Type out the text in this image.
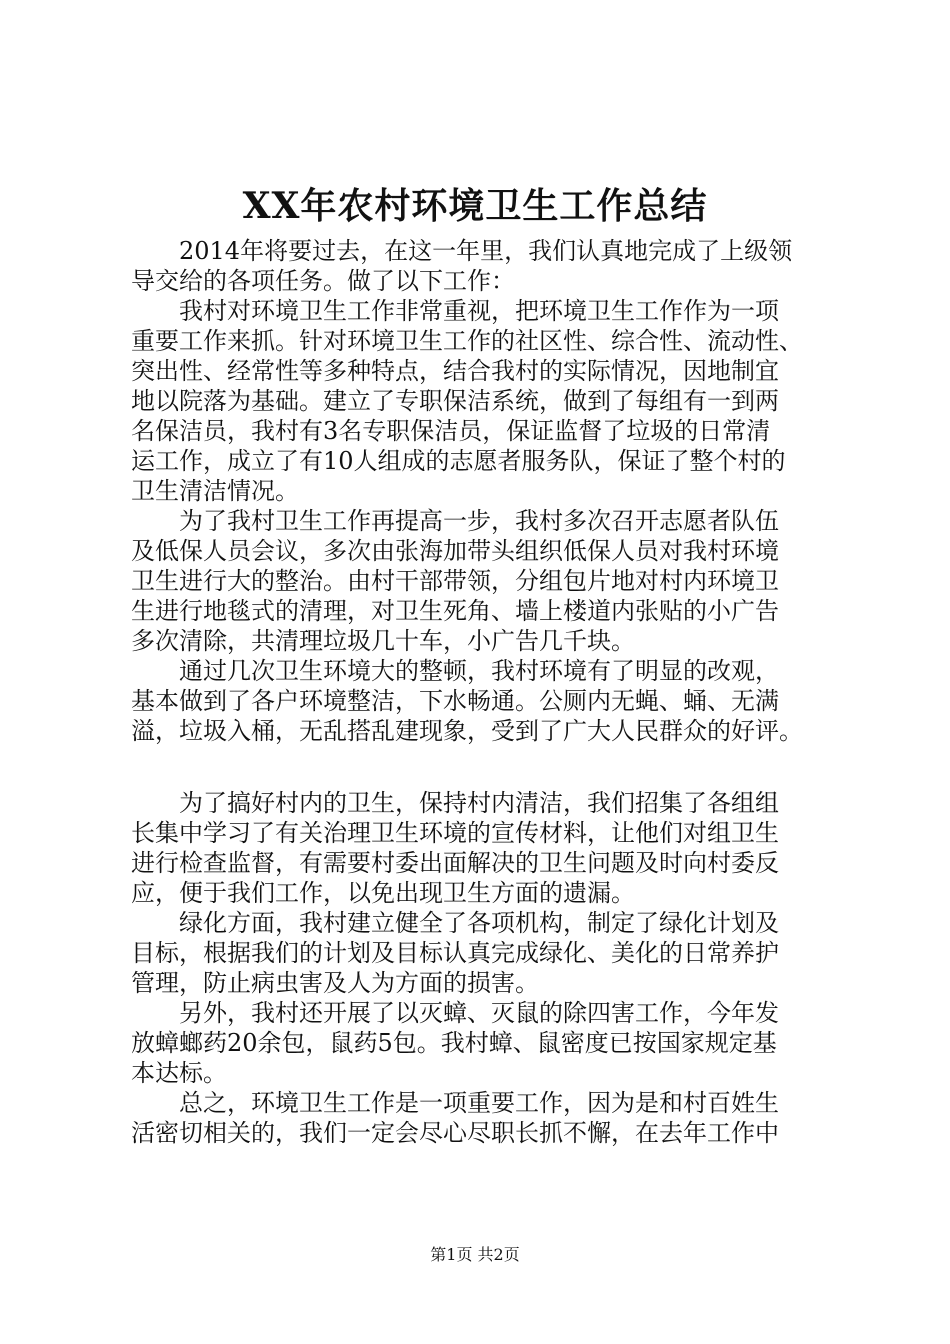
XX年农村环境卫生工作总结
2014年将要过去，在这一年里，我们认真地完成了上级领
导交给的各项任务。做了以下工作：
我村对环境卫生工作非常重视，把环境卫生工作作为一项
重要工作来抓。针对环境卫生工作的社区性、综合性、流动性、
突出性、经常性等多种特点，结合我村的实际情况，因地制宜
地以院落为基础。建立了专职保洁系统，做到了每组有一到两
名保洁员，我村有3名专职保洁员，保证监督了垃圾的日常清
运工作，成立了有10人组成的志愿者服务队，保证了整个村的
卫生清洁情况。
为了我村卫生工作再提高一步，我村多次召开志愿者队伍
及低保人员会议，多次由张海加带头组织低保人员对我村环境
卫生进行大的整治。由村干部带领，分组包片地对村内环境卫
生进行地毯式的清理，对卫生死角、墙上楼道内张贴的小广告
多次清除，共清理垃圾几十车，小广告几千块。
通过几次卫生环境大的整顿，我村环境有了明显的改观，
基本做到了各户环境整洁，下水畅通。公厕内无蝇、蛹、无满
溢，垃圾入桶，无乱搭乱建现象，受到了广大人民群众的好评。
为了搞好村内的卫生，保持村内清洁，我们招集了各组组
长集中学习了有关治理卫生环境的宣传材料，让他们对组卫生
进行检查监督，有需要村委出面解决的卫生问题及时向村委反
应，便于我们工作，以免出现卫生方面的遗漏。
绿化方面，我村建立健全了各项机构，制定了绿化计划及
目标，根据我们的计划及目标认真完成绿化、美化的日常养护
管理，防止病虫害及人为方面的损害。
另外，我村还开展了以灭蟑、灭鼠的除四害工作，今年发
放蟑螂药20余包，鼠药5包。我村蟑、鼠密度已按国家规定基
本达标。
总之，环境卫生工作是一项重要工作，因为是和村百姓生
活密切相关的，我们一定会尽心尽职长抓不懈，在去年工作中
第1页 共2页
